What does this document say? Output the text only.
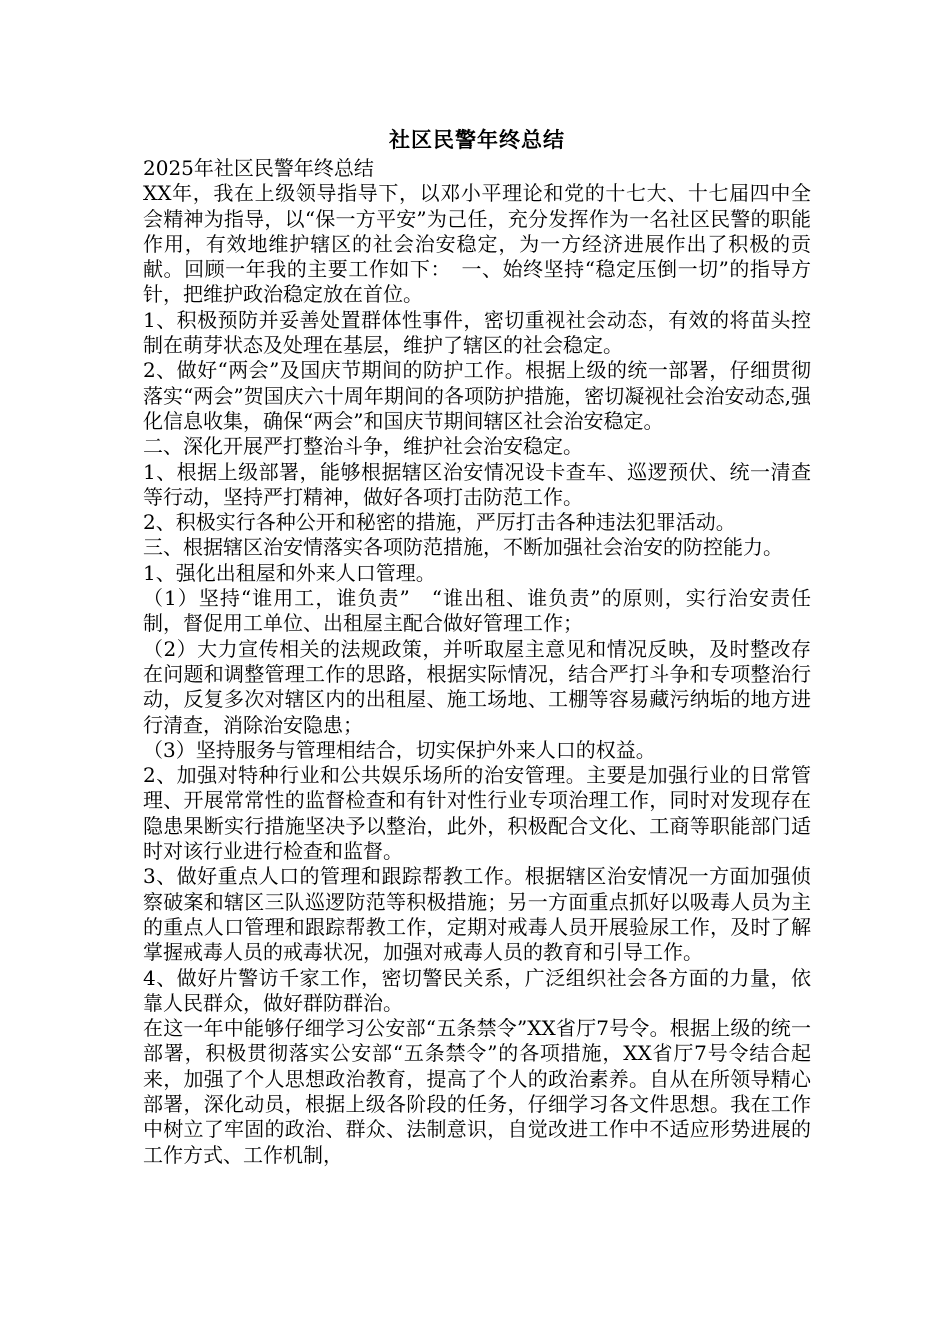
社区民警年终总结

2025年社区民警年终总结

XX年，我在上级领导指导下，以邓小平理论和党的十七大、十七届四中全会精神为指导，以“保一方平安”为己任，充分发挥作为一名社区民警的职能作用，有效地维护辖区的社会治安稳定，为一方经济进展作出了积极的贡献。回顾一年我的主要工作如下：　一、始终坚持“稳定压倒一切”的指导方针，把维护政治稳定放在首位。

1、积极预防并妥善处置群体性事件，密切重视社会动态，有效的将苗头控制在萌芽状态及处理在基层，维护了辖区的社会稳定。

2、做好“两会”及国庆节期间的防护工作。根据上级的统一部署，仔细贯彻落实“两会”贺国庆六十周年期间的各项防护措施，密切凝视社会治安动态,强化信息收集，确保“两会”和国庆节期间辖区社会治安稳定。

二、深化开展严打整治斗争，维护社会治安稳定。

1、根据上级部署，能够根据辖区治安情况设卡查车、巡逻预伏、统一清查等行动，坚持严打精神，做好各项打击防范工作。

2、积极实行各种公开和秘密的措施，严厉打击各种违法犯罪活动。

三、根据辖区治安情落实各项防范措施，不断加强社会治安的防控能力。

1、强化出租屋和外来人口管理。

（1）坚持“谁用工，谁负责”　“谁出租、谁负责”的原则，实行治安责任制，督促用工单位、出租屋主配合做好管理工作；

（2）大力宣传相关的法规政策，并听取屋主意见和情况反映，及时整改存在问题和调整管理工作的思路，根据实际情况，结合严打斗争和专项整治行动，反复多次对辖区内的出租屋、施工场地、工棚等容易藏污纳垢的地方进行清查，消除治安隐患；

（3）坚持服务与管理相结合，切实保护外来人口的权益。

2、加强对特种行业和公共娱乐场所的治安管理。主要是加强行业的日常管理、开展常常性的监督检查和有针对性行业专项治理工作，同时对发现存在隐患果断实行措施坚决予以整治，此外，积极配合文化、工商等职能部门适时对该行业进行检查和监督。

3、做好重点人口的管理和跟踪帮教工作。根据辖区治安情况一方面加强侦察破案和辖区三队巡逻防范等积极措施；另一方面重点抓好以吸毒人员为主的重点人口管理和跟踪帮教工作，定期对戒毒人员开展验尿工作，及时了解掌握戒毒人员的戒毒状况，加强对戒毒人员的教育和引导工作。

4、做好片警访千家工作，密切警民关系，广泛组织社会各方面的力量，依靠人民群众，做好群防群治。

在这一年中能够仔细学习公安部“五条禁令”XX省厅7号令。根据上级的统一部署，积极贯彻落实公安部“五条禁令”的各项措施，XX省厅7号令结合起来，加强了个人思想政治教育，提高了个人的政治素养。自从在所领导精心部署，深化动员，根据上级各阶段的任务，仔细学习各文件思想。我在工作中树立了牢固的政治、群众、法制意识，自觉改进工作中不适应形势进展的工作方式、工作机制，
